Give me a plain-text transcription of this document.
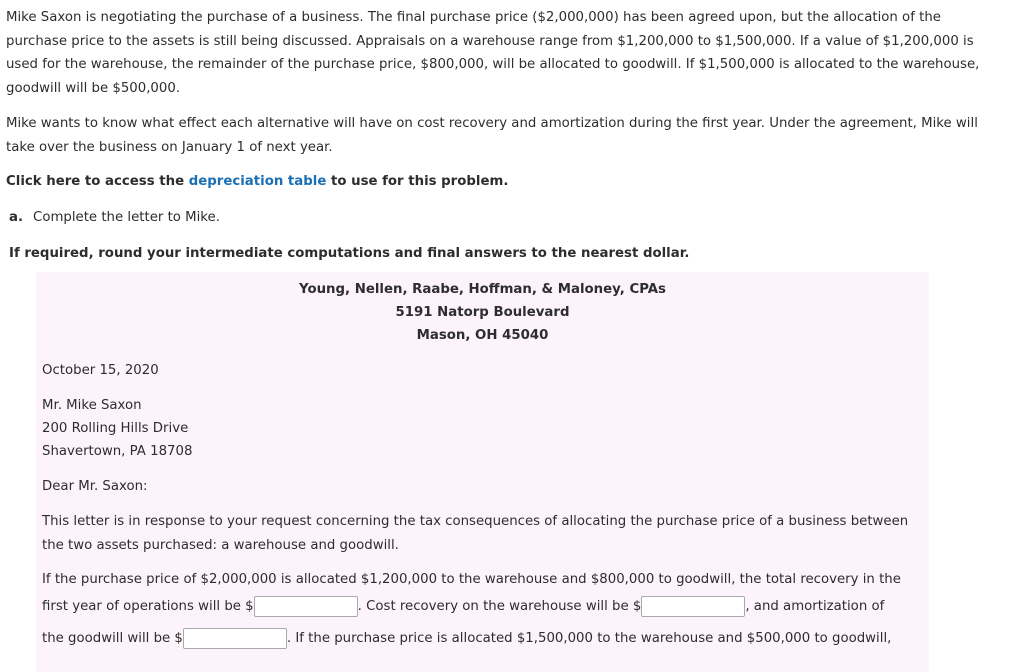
Mike Saxon is negotiating the purchase of a business. The final purchase price ($2,000,000) has been agreed upon, but the allocation of the purchase price to the assets is still being discussed. Appraisals on a warehouse range from $1,200,000 to $1,500,000. If a value of $1,200,000 is used for the warehouse, the remainder of the purchase price, $800,000, will be allocated to goodwill. If $1,500,000 is allocated to the warehouse, goodwill will be $500,000.

Mike wants to know what effect each alternative will have on cost recovery and amortization during the first year. Under the agreement, Mike will take over the business on January 1 of next year.

Click here to access the depreciation table to use for this problem.

a. Complete the letter to Mike.

If required, round your intermediate computations and final answers to the nearest dollar.

Young, Nellen, Raabe, Hoffman, & Maloney, CPAs
5191 Natorp Boulevard
Mason, OH 45040
October 15, 2020
Mr. Mike Saxon
200 Rolling Hills Drive
Shavertown, PA 18708
Dear Mr. Saxon:

This letter is in response to your request concerning the tax consequences of allocating the purchase price of a business between the two assets purchased: a warehouse and goodwill.

If the purchase price of $2,000,000 is allocated $1,200,000 to the warehouse and $800,000 to goodwill, the total recovery in the
first year of operations will be $	. Cost recovery on the warehouse will be $	, and amortization of
the goodwill will be $	. If the purchase price is allocated $1,500,000 to the warehouse and $500,000 to goodwill,
